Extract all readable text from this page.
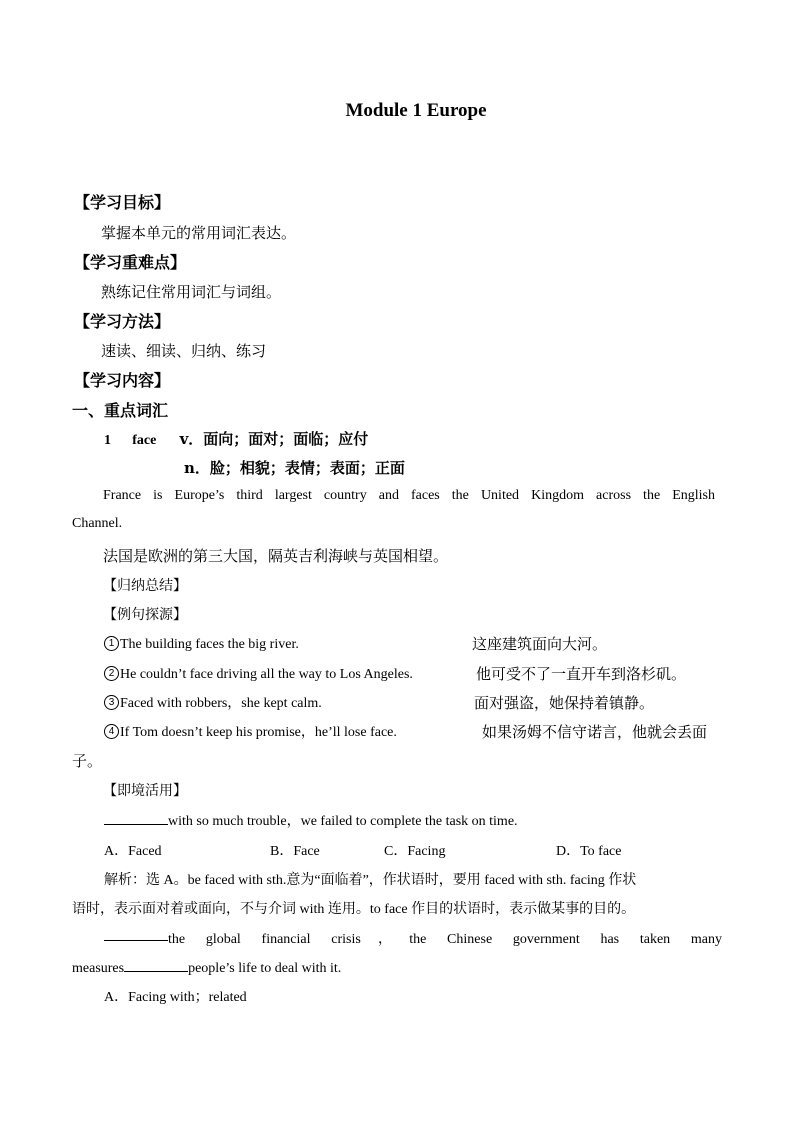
Module 1 Europe
【学习目标】
掌握本单元的常用词汇表达。
【学习重难点】
熟练记住常用词汇与词组。
【学习方法】
速读、细读、归纳、练习
【学习内容】
一、重点词汇
1 face v．面向；面对；面临；应付
n．脸；相貌；表情；表面；正面
France is Europe’s third largest country and faces the United Kingdom across the English
Channel.
法国是欧洲的第三大国，隔英吉利海峡与英国相望。
【归纳总结】
【例句探源】
1 The building faces the big river.	这座建筑面向大河。
2 He couldn’t face driving all the way to Los Angeles.	他可受不了一直开车到洛杉矶。
3 Faced with robbers，she kept calm.	面对强盗，她保持着镇静。
4 If Tom doesn’t keep his promise，he’ll lose face.	如果汤姆不信守诺言，他就会丢面
子。
【即境活用】
with so much trouble，we failed to complete the task on time.
A．Faced	B．Face	C．Facing	D．To face
解析：选 A。be faced with sth.意为“面临着”，作状语时，要用 faced with sth. facing 作状
语时，表示面对着或面向，不与介词 with 连用。to face 作目的状语时，表示做某事的目的。
the global financial crisis，the Chinese government has taken many
measures	people’s life to deal with it.
A．Facing with；related
